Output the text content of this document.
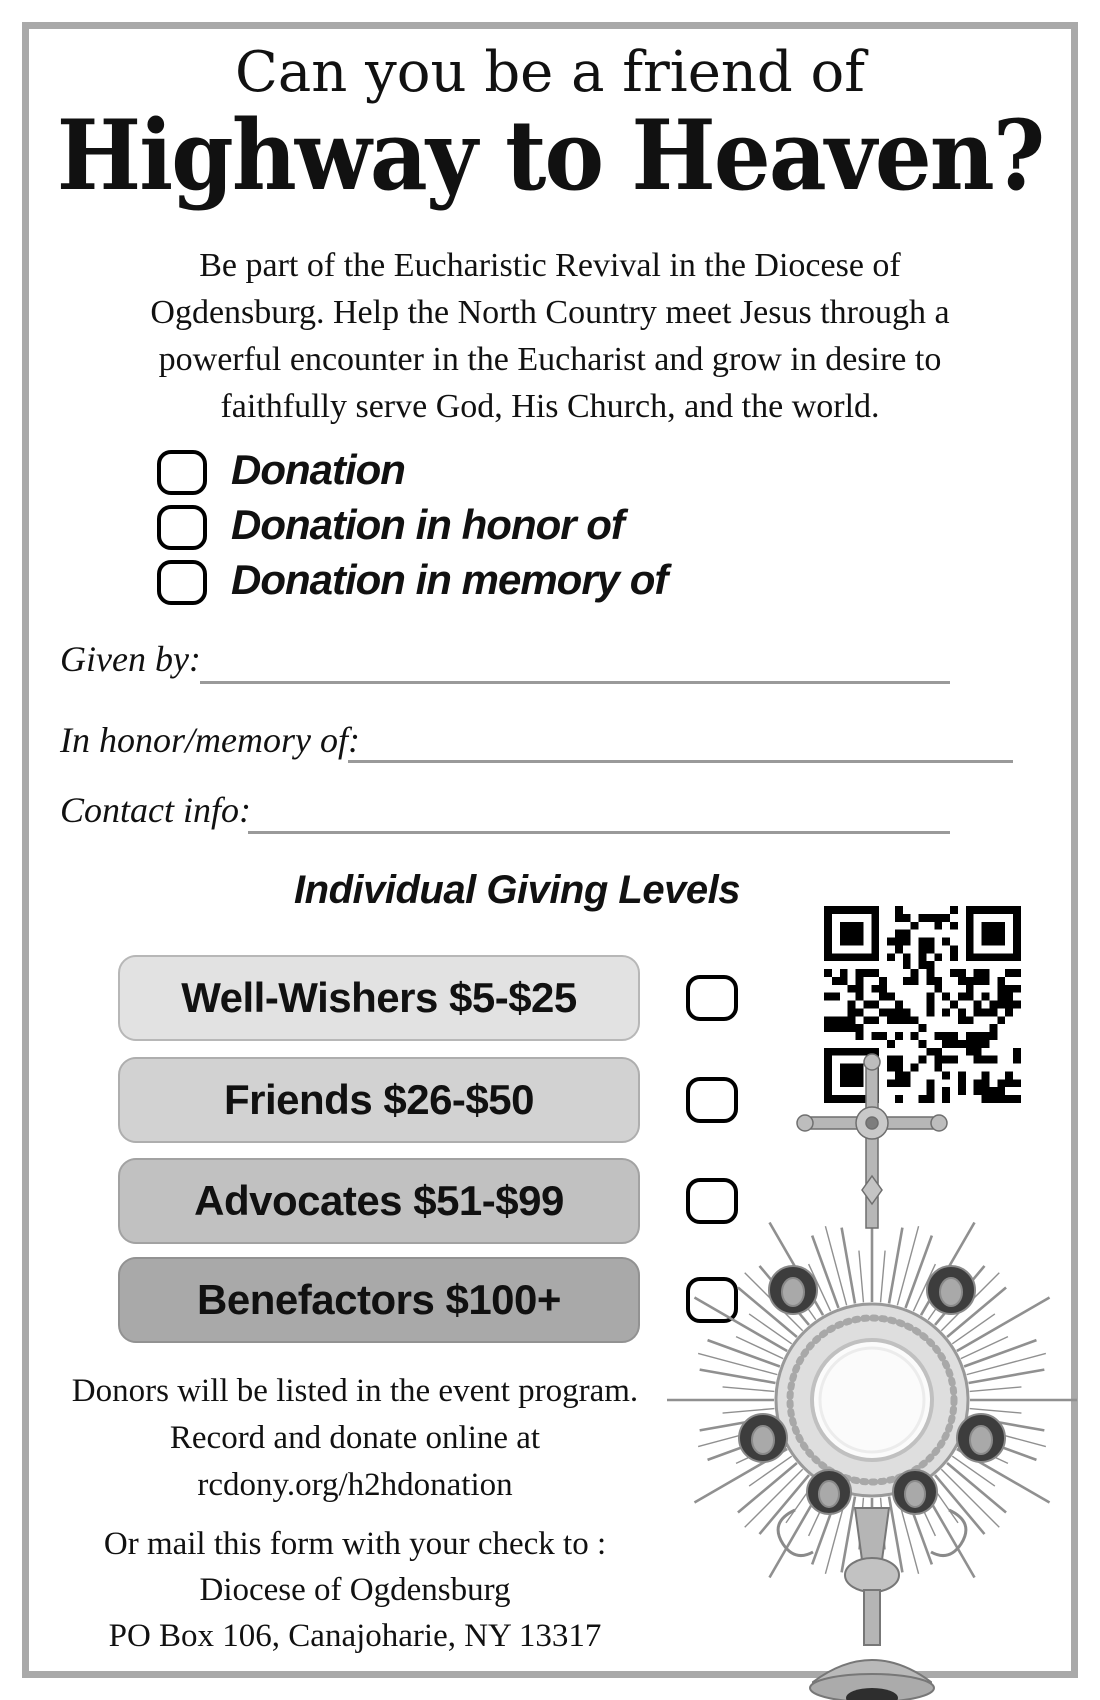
Can you be a friend of
Highway to Heaven?
Be part of the Eucharistic Revival in the Diocese of
Ogdensburg. Help the North Country meet Jesus through a
powerful encounter in the Eucharist and grow in desire to
faithfully serve God, His Church, and the world.
Donation
Donation in honor of
Donation in memory of
Given by:
In honor/memory of:
Contact info:
Individual Giving Levels
Well-Wishers $5-$25
Friends $26-$50
Advocates $51-$99
Benefactors $100+
Donors will be listed in the event program.
Record and donate online at
rcdony.org/h2hdonation
Or mail this form with your check to :
Diocese of Ogdensburg
PO Box 106, Canajoharie, NY 13317
